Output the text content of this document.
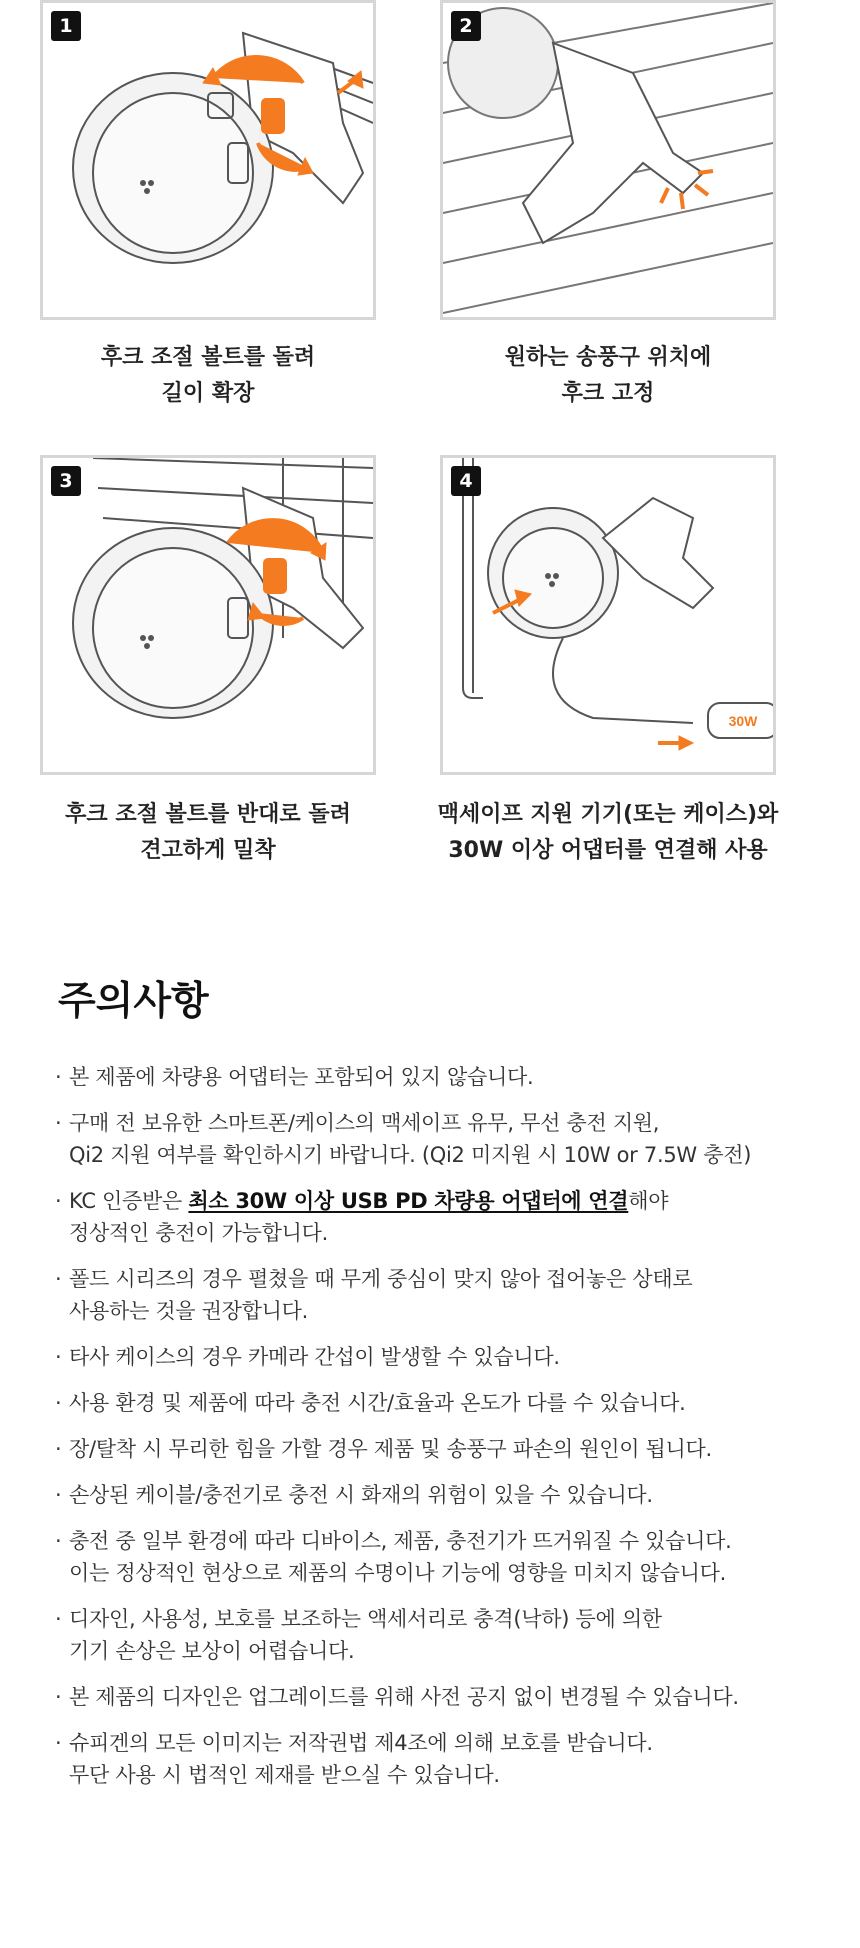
1	2
3	4
30W
후크 조절 볼트를 돌려
길이 확장
원하는 송풍구 위치에
후크 고정
후크 조절 볼트를 반대로 돌려
견고하게 밀착
맥세이프 지원 기기(또는 케이스)와
30W 이상 어댑터를 연결해 사용
주의사항
· 본 제품에 차량용 어댑터는 포함되어 있지 않습니다.
· 구매 전 보유한 스마트폰/케이스의 맥세이프 유무, 무선 충전 지원,
Qi2 지원 여부를 확인하시기 바랍니다. (Qi2 미지원 시 10W or 7.5W 충전)
· KC 인증받은 최소 30W 이상 USB PD 차량용 어댑터에 연결해야
정상적인 충전이 가능합니다.
· 폴드 시리즈의 경우 펼쳤을 때 무게 중심이 맞지 않아 접어놓은 상태로
사용하는 것을 권장합니다.
· 타사 케이스의 경우 카메라 간섭이 발생할 수 있습니다.
· 사용 환경 및 제품에 따라 충전 시간/효율과 온도가 다를 수 있습니다.
· 장/탈착 시 무리한 힘을 가할 경우 제품 및 송풍구 파손의 원인이 됩니다.
· 손상된 케이블/충전기로 충전 시 화재의 위험이 있을 수 있습니다.
· 충전 중 일부 환경에 따라 디바이스, 제품, 충전기가 뜨거워질 수 있습니다.
이는 정상적인 현상으로 제품의 수명이나 기능에 영향을 미치지 않습니다.
· 디자인, 사용성, 보호를 보조하는 액세서리로 충격(낙하) 등에 의한
기기 손상은 보상이 어렵습니다.
· 본 제품의 디자인은 업그레이드를 위해 사전 공지 없이 변경될 수 있습니다.
· 슈피겐의 모든 이미지는 저작권법 제4조에 의해 보호를 받습니다.
무단 사용 시 법적인 제재를 받으실 수 있습니다.
